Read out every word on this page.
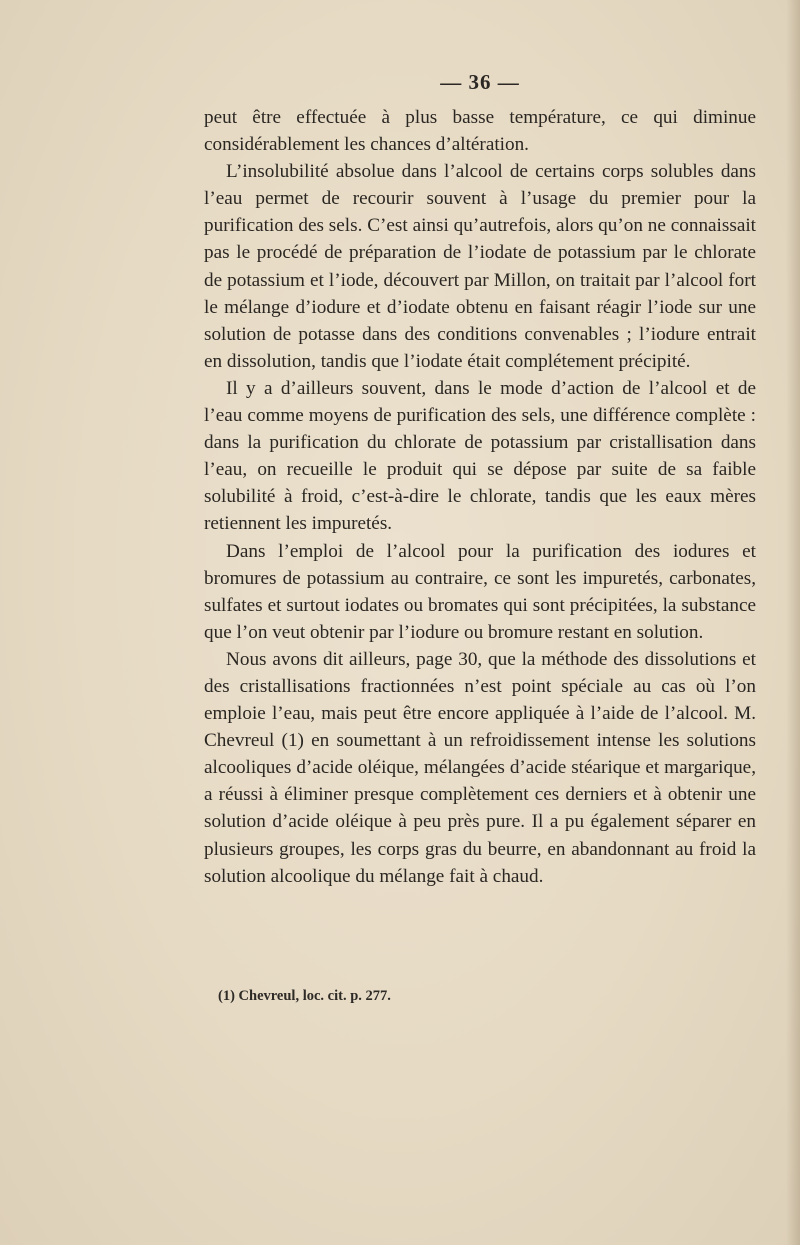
— 36 —

peut être effectuée à plus basse température, ce qui diminue considérablement les chances d’altération.

L’insolubilité absolue dans l’alcool de certains corps solubles dans l’eau permet de recourir souvent à l’usage du premier pour la purification des sels. C’est ainsi qu’autrefois, alors qu’on ne connaissait pas le procédé de préparation de l’iodate de potassium par le chlorate de potassium et l’iode, découvert par Millon, on traitait par l’alcool fort le mélange d’iodure et d’iodate obtenu en faisant réagir l’iode sur une solution de potasse dans des conditions convenables ; l’iodure entrait en dissolution, tandis que l’iodate était complétement précipité.

Il y a d’ailleurs souvent, dans le mode d’action de l’alcool et de l’eau comme moyens de purification des sels, une différence complète : dans la purification du chlorate de potassium par cristallisation dans l’eau, on recueille le produit qui se dépose par suite de sa faible solubilité à froid, c’est-à-dire le chlorate, tandis que les eaux mères retiennent les impuretés.

Dans l’emploi de l’alcool pour la purification des iodures et bromures de potassium au contraire, ce sont les impuretés, carbonates, sulfates et surtout iodates ou bromates qui sont précipitées, la substance que l’on veut obtenir par l’iodure ou bromure restant en solution.

Nous avons dit ailleurs, page 30, que la méthode des dissolutions et des cristallisations fractionnées n’est point spéciale au cas où l’on emploie l’eau, mais peut être encore appliquée à l’aide de l’alcool. M. Chevreul (1) en soumettant à un refroidissement intense les solutions alcooliques d’acide oléique, mélangées d’acide stéarique et margarique, a réussi à éliminer presque complètement ces derniers et à obtenir une solution d’acide oléique à peu près pure. Il a pu également séparer en plusieurs groupes, les corps gras du beurre, en abandonnant au froid la solution alcoolique du mélange fait à chaud.

(1) Chevreul, loc. cit. p. 277.
